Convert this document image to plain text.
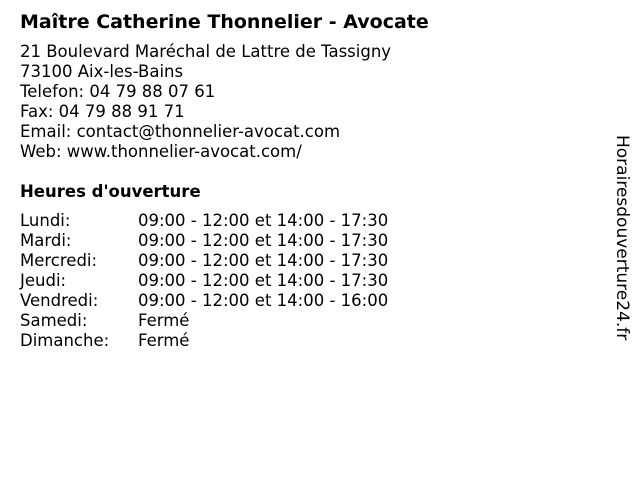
Maître Catherine Thonnelier - Avocate
21 Boulevard Maréchal de Lattre de Tassigny
73100 Aix-les-Bains
Telefon: 04 79 88 07 61
Fax: 04 79 88 91 71
Email: contact@thonnelier-avocat.com
Web: www.thonnelier-avocat.com/
Heures d'ouverture
Lundi:	09:00 - 12:00 et 14:00 - 17:30
Mardi:	09:00 - 12:00 et 14:00 - 17:30
Mercredi:	09:00 - 12:00 et 14:00 - 17:30
Jeudi:	09:00 - 12:00 et 14:00 - 17:30
Vendredi:	09:00 - 12:00 et 14:00 - 16:00
Samedi:	Fermé
Dimanche:	Fermé
Horairesdouverture24.fr
